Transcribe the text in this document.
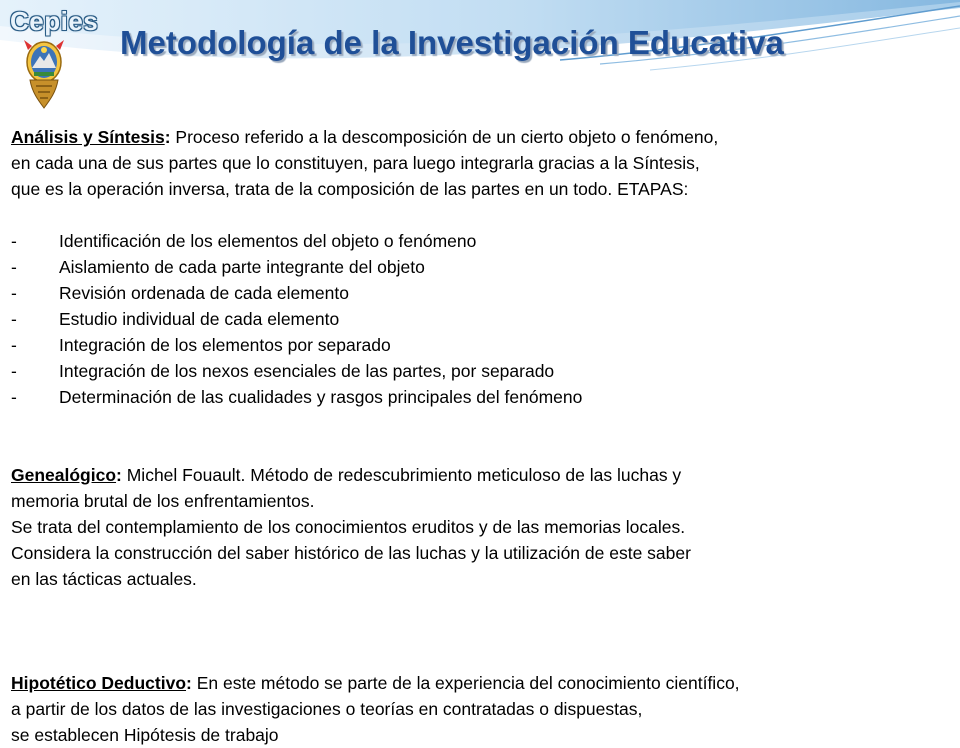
Cepies
Metodología de la Investigación Educativa

Análisis y Síntesis: Proceso referido a la descomposición de un cierto objeto o fenómeno,

en cada una de sus partes que lo constituyen, para luego integrarla gracias a la Síntesis,

que es la operación inversa, trata de la composición de las partes en un todo. ETAPAS:

-	Identificación de los elementos del objeto o fenómeno
-	Aislamiento de cada parte integrante del objeto
-	Revisión ordenada de cada elemento
-	Estudio individual de cada elemento
-	Integración de los elementos por separado
-	Integración de los nexos esenciales de las partes, por separado
-	Determinación de las cualidades y rasgos principales del fenómeno

Genealógico: Michel Fouault. Método de redescubrimiento meticuloso de las luchas y

memoria brutal de los enfrentamientos.

Se trata del contemplamiento de los conocimientos eruditos y de las memorias locales.

Considera la construcción del saber histórico de las luchas y la utilización de este saber

en las tácticas actuales.

Hipotético Deductivo: En este método se parte de la experiencia del conocimiento científico,

a partir de los datos de las investigaciones o teorías en contratadas o dispuestas,

se establecen Hipótesis de trabajo
